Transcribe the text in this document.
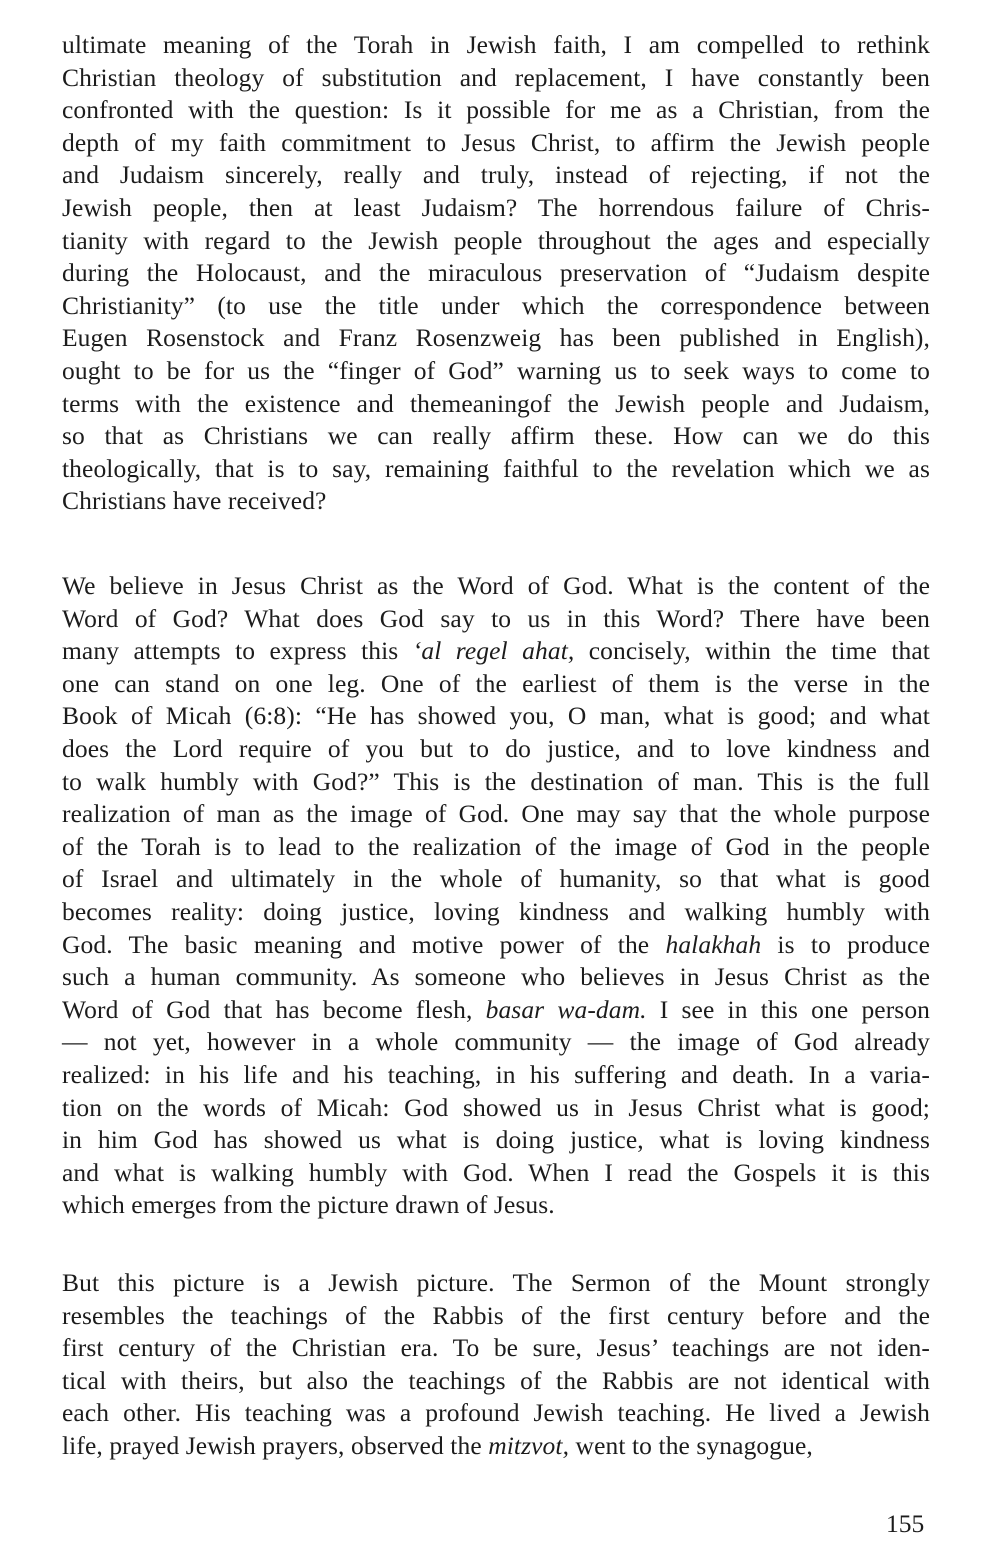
ultimate meaning of the Torah in Jewish faith, I am compelled to rethink
Christian theology of substitution and replacement, I have constantly been
confronted with the question: Is it possible for me as a Christian, from the
depth of my faith commitment to Jesus Christ, to affirm the Jewish people
and Judaism sincerely, really and truly, instead of rejecting, if not the
Jewish people, then at least Judaism? The horrendous failure of Chris-
tianity with regard to the Jewish people throughout the ages and especially
during the Holocaust, and the miraculous preservation of “Judaism despite
Christianity” (to use the title under which the correspondence between
Eugen Rosenstock and Franz Rosenzweig has been published in English),
ought to be for us the “finger of God” warning us to seek ways to come to
terms with the existence and themeaningof the Jewish people and Judaism,
so that as Christians we can really affirm these. How can we do this
theologically, that is to say, remaining faithful to the revelation which we as
Christians have received?
We believe in Jesus Christ as the Word of God. What is the content of the
Word of God? What does God say to us in this Word? There have been
many attempts to express this ‘al regel ahat, concisely, within the time that
one can stand on one leg. One of the earliest of them is the verse in the
Book of Micah (6:8): “He has showed you, O man, what is good; and what
does the Lord require of you but to do justice, and to love kindness and
to walk humbly with God?” This is the destination of man. This is the full
realization of man as the image of God. One may say that the whole purpose
of the Torah is to lead to the realization of the image of God in the people
of Israel and ultimately in the whole of humanity, so that what is good
becomes reality: doing justice, loving kindness and walking humbly with
God. The basic meaning and motive power of the halakhah is to produce
such a human community. As someone who believes in Jesus Christ as the
Word of God that has become flesh, basar wa-dam. I see in this one person
— not yet, however in a whole community — the image of God already
realized: in his life and his teaching, in his suffering and death. In a varia-
tion on the words of Micah: God showed us in Jesus Christ what is good;
in him God has showed us what is doing justice, what is loving kindness
and what is walking humbly with God. When I read the Gospels it is this
which emerges from the picture drawn of Jesus.
But this picture is a Jewish picture. The Sermon of the Mount strongly
resembles the teachings of the Rabbis of the first century before and the
first century of the Christian era. To be sure, Jesus’ teachings are not iden-
tical with theirs, but also the teachings of the Rabbis are not identical with
each other. His teaching was a profound Jewish teaching. He lived a Jewish
life, prayed Jewish prayers, observed the mitzvot, went to the synagogue,
155
